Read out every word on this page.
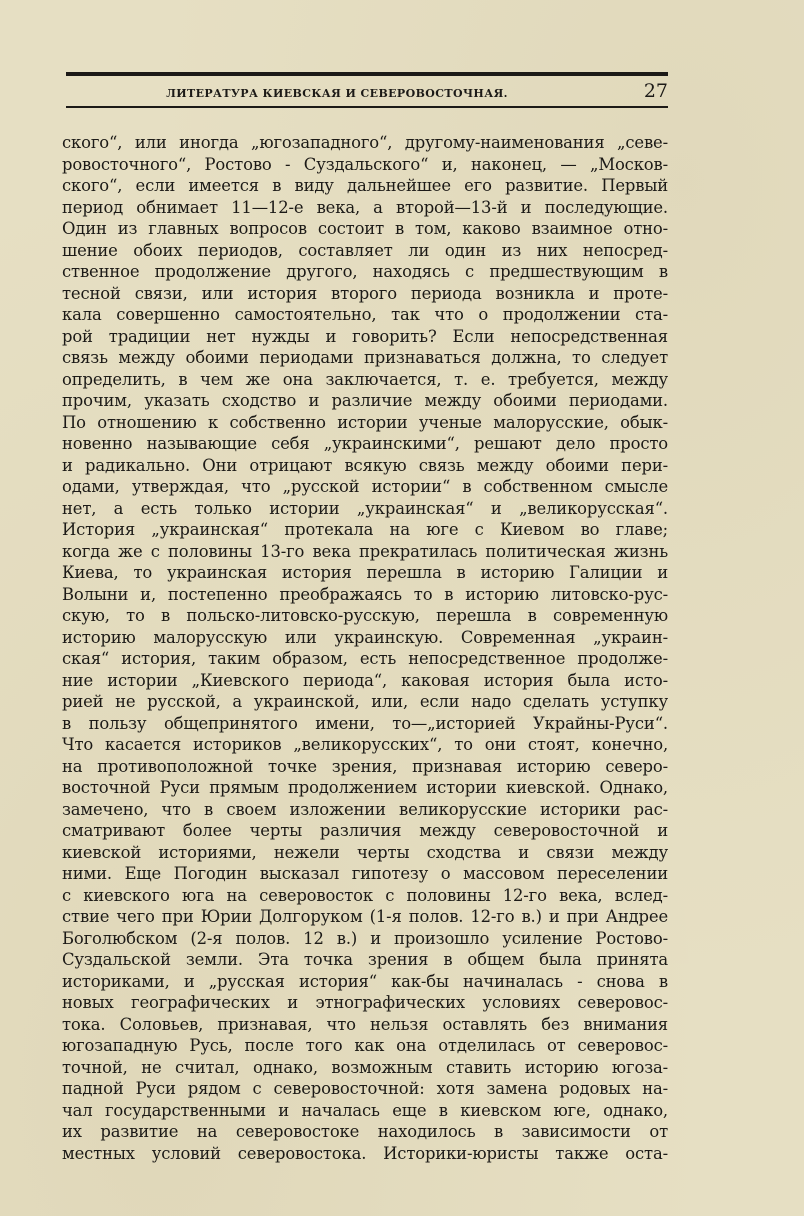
ЛИТЕРАТУРА КИЕВСКАЯ И СЕВЕРОВОСТОЧНАЯ.	27
ского“, или иногда „югозападного“, другому-наименования „севе-
ровосточного“, Ростово - Суздальского“ и, наконец, — „Москов-
ского“, если имеется в виду дальнейшее его развитие. Первый
период обнимает 11—12-е века, а второй—13-й и последующие.
Один из главных вопросов состоит в том, каково взаимное отно-
шение обоих периодов, составляет ли один из них непосред-
ственное продолжение другого, находясь с предшествующим в
тесной связи, или история второго периода возникла и проте-
кала совершенно самостоятельно, так что о продолжении ста-
рой традиции нет нужды и говорить? Если непосредственная
связь между обоими периодами признаваться должна, то следует
определить, в чем же она заключается, т. е. требуется, между
прочим, указать сходство и различие между обоими периодами.
По отношению к собственно истории ученые малорусские, обык-
новенно называющие себя „украинскими“, решают дело просто
и радикально. Они отрицают всякую связь между обоими пери-
одами, утверждая, что „русской истории“ в собственном смысле
нет, а есть только истории „украинская“ и „великорусская“.
История „украинская“ протекала на юге с Киевом во главе;
когда же с половины 13-го века прекратилась политическая жизнь
Киева, то украинская история перешла в историю Галиции и
Волыни и, постепенно преображаясь то в историю литовско-рус-
скую, то в польско-литовско-русскую, перешла в современную
историю малорусскую или украинскую. Современная „украин-
ская“ история, таким образом, есть непосредственное продолже-
ние истории „Киевского периода“, каковая история была исто-
рией не русской, а украинской, или, если надо сделать уступку
в пользу общепринятого имени, то—„историей Украйны-Руси“.
Что касается историков „великорусских“, то они стоят, конечно,
на противоположной точке зрения, признавая историю северо-
восточной Руси прямым продолжением истории киевской. Однако,
замечено, что в своем изложении великорусские историки рас-
сматривают более черты различия между северовосточной и
киевской историями, нежели черты сходства и связи между
ними. Еще Погодин высказал гипотезу о массовом переселении
с киевского юга на северовосток с половины 12-го века, вслед-
ствие чего при Юрии Долгоруком (1-я полов. 12-го в.) и при Андрее
Боголюбском (2-я полов. 12 в.) и произошло усиление Ростово-
Суздальской земли. Эта точка зрения в общем была принята
историками, и „русская история“ как-бы начиналась - снова в
новых географических и этнографических условиях северовос-
тока. Соловьев, признавая, что нельзя оставлять без внимания
югозападную Русь, после того как она отделилась от северовос-
точной, не считал, однако, возможным ставить историю югоза-
падной Руси рядом с северовосточной: хотя замена родовых на-
чал государственными и началась еще в киевском юге, однако,
их развитие на северовостоке находилось в зависимости от
местных условий северовостока. Историки-юристы также оста-
